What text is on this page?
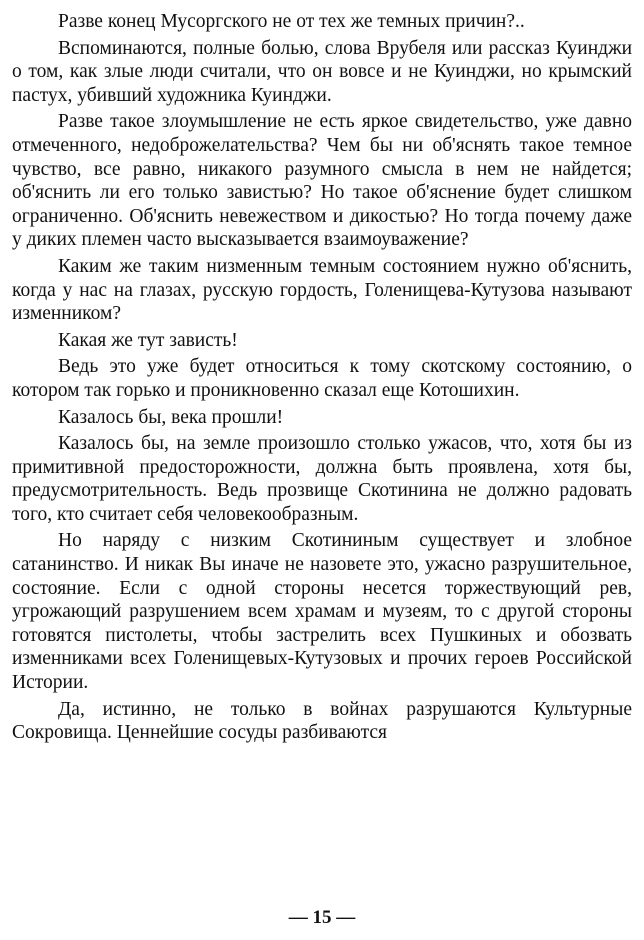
Разве конец Мусоргского не от тех же темных причин?..

Вспоминаются, полные болью, слова Врубеля или рассказ Куинджи о том, как злые люди считали, что он вовсе и не Куинджи, но крымский пастух, убивший художника Куинджи.

Разве такое злоумышление не есть яркое свидетельство, уже давно отмеченного, недоброжелательства? Чем бы ни об'яснять такое темное чувство, все равно, никакого разумного смысла в нем не найдется; об'яснить ли его только завистью? Но такое об'яснение будет слишком ограниченно. Об'яснить невежеством и дикостью? Но тогда почему даже у диких племен часто высказывается взаимоуважение?

Каким же таким низменным темным состоянием нужно об'яснить, когда у нас на глазах, русскую гордость, Голенищева-Кутузова называют изменником?

Какая же тут зависть!

Ведь это уже будет относиться к тому скотскому состоянию, о котором так горько и проникновенно сказал еще Котошихин.

Казалось бы, века прошли!

Казалось бы, на земле произошло столько ужасов, что, хотя бы из примитивной предосторожности, должна быть проявлена, хотя бы, предусмотрительность. Ведь прозвище Скотинина не должно радовать того, кто считает себя человекообразным.

Но наряду с низким Скотининым существует и злобное сатанинство. И никак Вы иначе не назовете это, ужасно разрушительное, состояние. Если с одной стороны несется торжествующий рев, угрожающий разрушением всем храмам и музеям, то с другой стороны готовятся пистолеты, чтобы застрелить всех Пушкиных и обозвать изменниками всех Голенищевых-Кутузовых и прочих героев Российской Истории.

Да, истинно, не только в войнах разрушаются Культурные Сокровища. Ценнейшие сосуды разбиваются

— 15 —
